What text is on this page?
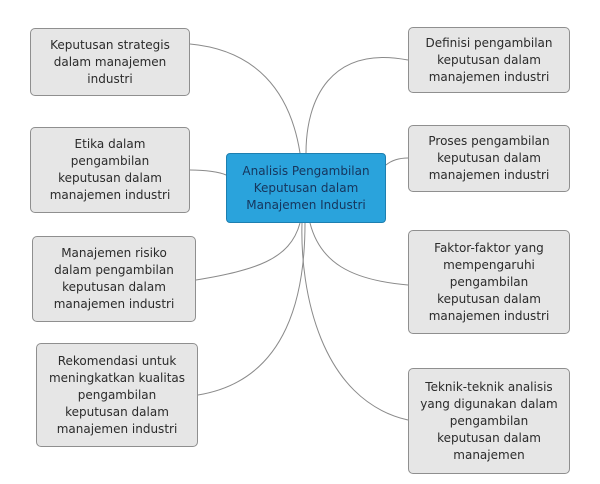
Analisis Pengambilan
Keputusan dalam
Manajemen Industri
Keputusan strategis
dalam manajemen
industri
Etika dalam
pengambilan
keputusan dalam
manajemen industri
Manajemen risiko
dalam pengambilan
keputusan dalam
manajemen industri
Rekomendasi untuk
meningkatkan kualitas
pengambilan
keputusan dalam
manajemen industri
Definisi pengambilan
keputusan dalam
manajemen industri
Proses pengambilan
keputusan dalam
manajemen industri
Faktor-faktor yang
mempengaruhi
pengambilan
keputusan dalam
manajemen industri
Teknik-teknik analisis
yang digunakan dalam
pengambilan
keputusan dalam
manajemen
